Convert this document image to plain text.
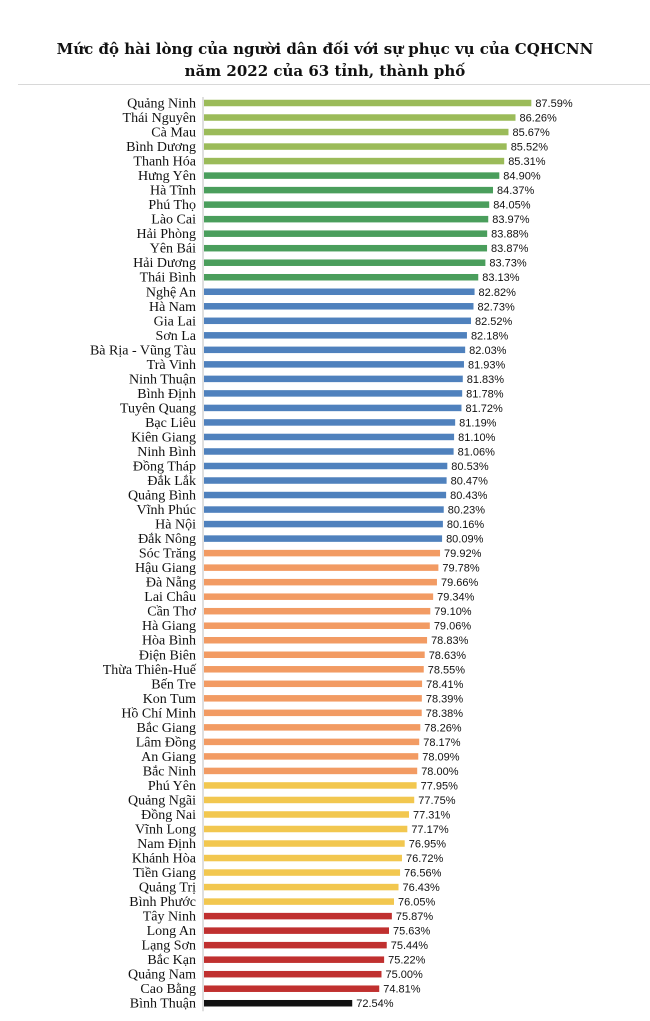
Mức độ hài lòng của người dân đối với sự phục vụ của CQHCNN
năm 2022 của 63 tỉnh, thành phố
Quảng Ninh	87.59%
Thái Nguyên	86.26%
Cà Mau	85.67%
Bình Dương	85.52%
Thanh Hóa	85.31%
Hưng Yên	84.90%
Hà Tĩnh	84.37%
Phú Thọ	84.05%
Lào Cai	83.97%
Hải Phòng	83.88%
Yên Bái	83.87%
Hải Dương	83.73%
Thái Bình	83.13%
Nghệ An	82.82%
Hà Nam	82.73%
Gia Lai	82.52%
Sơn La	82.18%
Bà Rịa - Vũng Tàu	82.03%
Trà Vinh	81.93%
Ninh Thuận	81.83%
Bình Định	81.78%
Tuyên Quang	81.72%
Bạc Liêu	81.19%
Kiên Giang	81.10%
Ninh Bình	81.06%
Đồng Tháp	80.53%
Đắk Lắk	80.47%
Quảng Bình	80.43%
Vĩnh Phúc	80.23%
Hà Nội	80.16%
Đắk Nông	80.09%
Sóc Trăng	79.92%
Hậu Giang	79.78%
Đà Nẵng	79.66%
Lai Châu	79.34%
Cần Thơ	79.10%
Hà Giang	79.06%
Hòa Bình	78.83%
Điện Biên	78.63%
Thừa Thiên-Huế	78.55%
Bến Tre	78.41%
Kon Tum	78.39%
Hồ Chí Minh	78.38%
Bắc Giang	78.26%
Lâm Đồng	78.17%
An Giang	78.09%
Bắc Ninh	78.00%
Phú Yên	77.95%
Quảng Ngãi	77.75%
Đồng Nai	77.31%
Vĩnh Long	77.17%
Nam Định	76.95%
Khánh Hòa	76.72%
Tiền Giang	76.56%
Quảng Trị	76.43%
Bình Phước	76.05%
Tây Ninh	75.87%
Long An	75.63%
Lạng Sơn	75.44%
Bắc Kạn	75.22%
Quảng Nam	75.00%
Cao Bằng	74.81%
Bình Thuận	72.54%
